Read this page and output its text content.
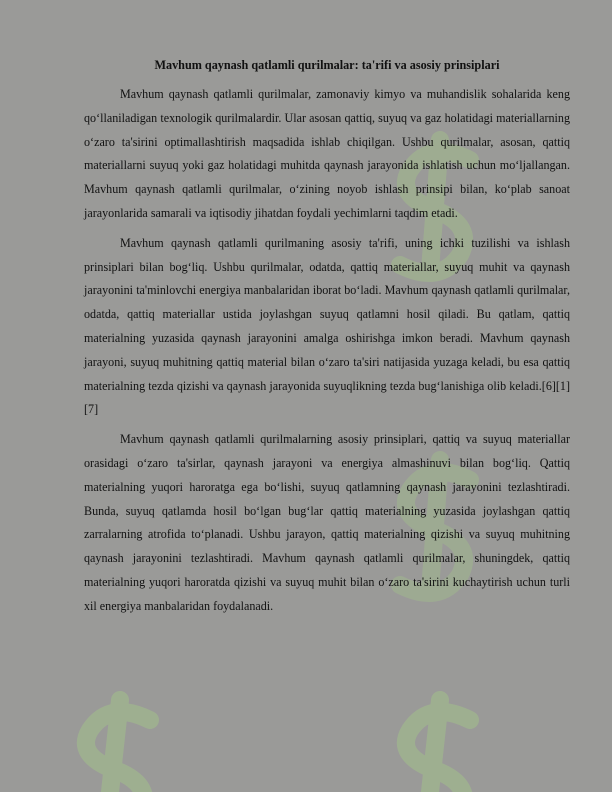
Mavhum qaynash qatlamli qurilmalar: ta'rifi va asosiy prinsiplari

Mavhum qaynash qatlamli qurilmalar, zamonaviy kimyo va muhandislik sohalarida keng qo‘llaniladigan texnologik qurilmalardir. Ular asosan qattiq, suyuq va gaz holatidagi materiallarning o‘zaro ta'sirini optimallashtirish maqsadida ishlab chiqilgan. Ushbu qurilmalar, asosan, qattiq materiallarni suyuq yoki gaz holatidagi muhitda qaynash jarayonida ishlatish uchun mo‘ljallangan. Mavhum qaynash qatlamli qurilmalar, o‘zining noyob ishlash prinsipi bilan, ko‘plab sanoat jarayonlarida samarali va iqtisodiy jihatdan foydali yechimlarni taqdim etadi.

Mavhum qaynash qatlamli qurilmaning asosiy ta'rifi, uning ichki tuzilishi va ishlash prinsiplari bilan bog‘liq. Ushbu qurilmalar, odatda, qattiq materiallar, suyuq muhit va qaynash jarayonini ta'minlovchi energiya manbalaridan iborat bo‘ladi. Mavhum qaynash qatlamli qurilmalar, odatda, qattiq materiallar ustida joylashgan suyuq qatlamni hosil qiladi. Bu qatlam, qattiq materialning yuzasida qaynash jarayonini amalga oshirishga imkon beradi. Mavhum qaynash jarayoni, suyuq muhitning qattiq material bilan o‘zaro ta'siri natijasida yuzaga keladi, bu esa qattiq materialning tezda qizishi va qaynash jarayonida suyuqlikning tezda bug‘lanishiga olib keladi.[6][1][7]

Mavhum qaynash qatlamli qurilmalarning asosiy prinsiplari, qattiq va suyuq materiallar orasidagi o‘zaro ta'sirlar, qaynash jarayoni va energiya almashinuvi bilan bog‘liq. Qattiq materialning yuqori haroratga ega bo‘lishi, suyuq qatlamning qaynash jarayonini tezlashtiradi. Bunda, suyuq qatlamda hosil bo‘lgan bug‘lar qattiq materialning yuzasida joylashgan qattiq zarralarning atrofida to‘planadi. Ushbu jarayon, qattiq materialning qizishi va suyuq muhitning qaynash jarayonini tezlashtiradi. Mavhum qaynash qatlamli qurilmalar, shuningdek, qattiq materialning yuqori haroratda qizishi va suyuq muhit bilan o‘zaro ta'sirini kuchaytirish uchun turli xil energiya manbalaridan foydalanadi.
